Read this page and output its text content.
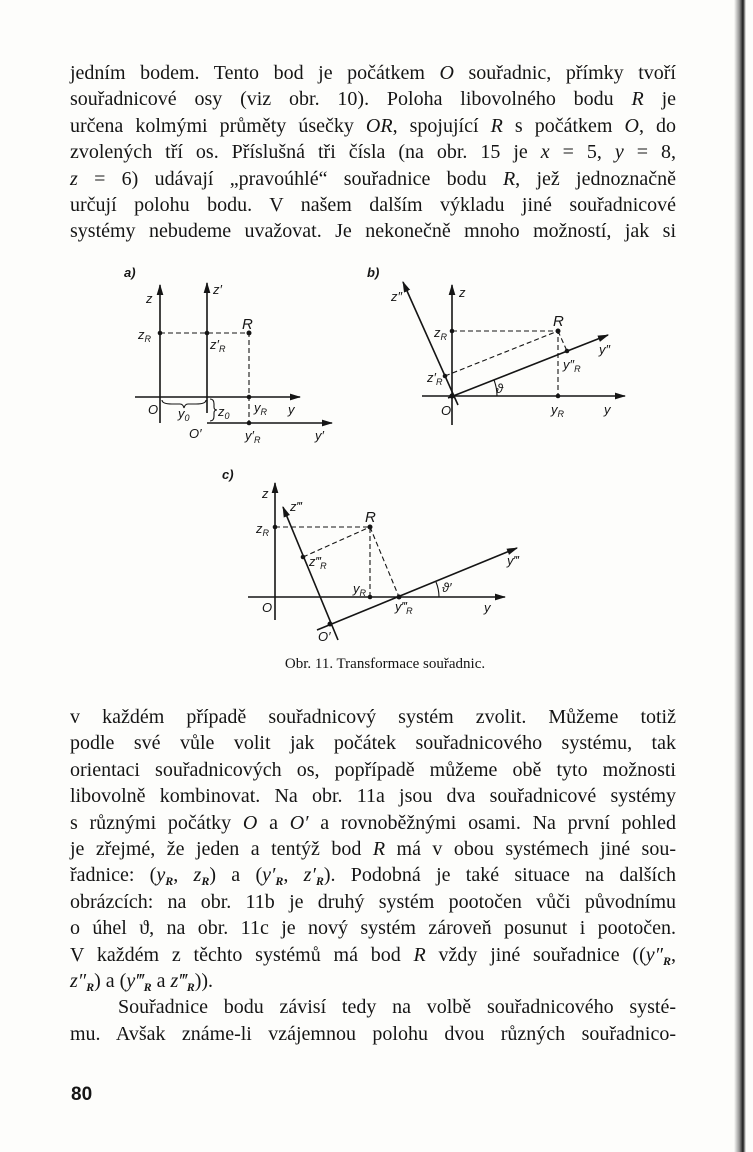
jedním bodem. Tento bod je počátkem O souřadnic, přímky tvoří
souřadnicové osy (viz obr. 10). Poloha libovolného bodu R je
určena kolmými průměty úsečky OR, spojující R s počátkem O, do
zvolených tří os. Příslušná tři čísla (na obr. 15 je x = 5, y = 8,
z = 6) udávají „pravoúhlé“ souřadnice bodu R, jež jednoznačně
určují polohu bodu. V našem dalším výkladu jiné souřadnicové
systémy nebudeme uvažovat. Je nekonečně mnoho možností, jak si
v každém případě souřadnicový systém zvolit. Můžeme totiž
podle své vůle volit jak počátek souřadnicového systému, tak
orientaci souřadnicových os, popřípadě můžeme obě tyto možnosti
libovolně kombinovat. Na obr. 11a jsou dva souřadnicové systémy
s různými počátky O a O′ a rovnoběžnými osami. Na první pohled
je zřejmé, že jeden a tentýž bod R má v obou systémech jiné sou-
řadnice: ($y_R$, $z_R$) a ($y'_R$, $z'_R$). Podobná je také situace na dalších
obrázcích: na obr. 11b je druhý systém pootočen vůči původnímu
o úhel ϑ, na obr. 11c je nový systém zároveň posunut i pootočen.
V každém z těchto systémů má bod R vždy jiné souřadnice (($y''_R$,
$z''_R$) a ($y‴_R$ a $z‴_R$)).
Souřadnice bodu závisí tedy na volbě souřadnicového systé-
mu. Avšak známe-li vzájemnou polohu dvou různých souřadnico-
a)
z
z′
y
y′
R
O
O′
$z_R$	$z'_R$
$y_0$ $z_0$
$y_R$
$y'_R$
b)
z
y
z″
y″
R
O
ϑ
$z_R$
$z'_R$
$y_R$
$y''_R$
c)
z
y
z‴
y‴
R
O
O′
ϑ′
$z_R$
$z‴_R$
$y_R$
$y‴_R$
Obr. 11. Transformace souřadnic.
80
